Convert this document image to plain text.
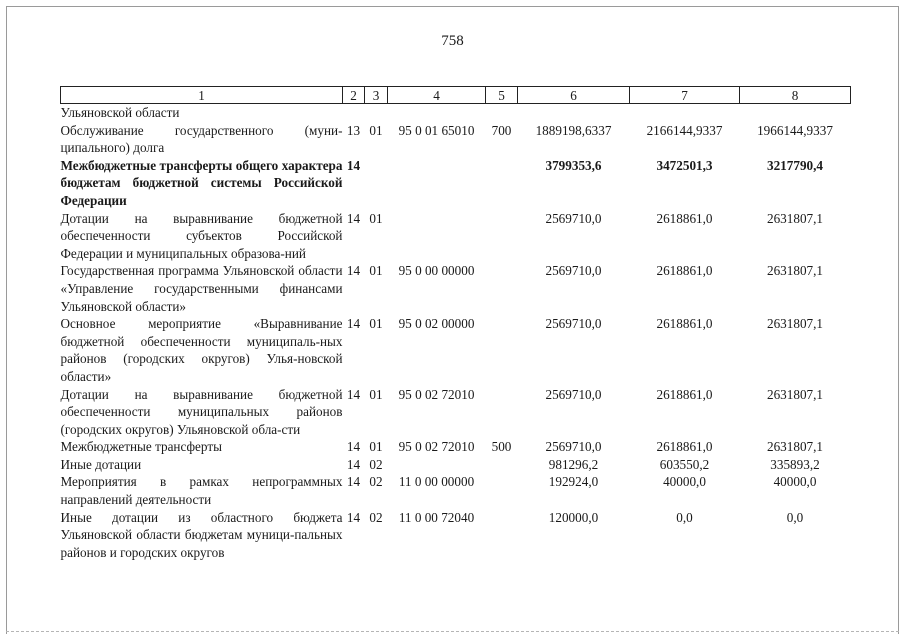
758
1	2	3	4	5	6	7	8
Ульяновской области							
Обслуживание государственного (муни-ципального) долга	13	01	95 0 01 65010	700	1889198,6337	2166144,9337	1966144,9337
Межбюджетные трансферты общего характера бюджетам бюджетной системы Российской Федерации	14				3799353,6	3472501,3	3217790,4
Дотации на выравнивание бюджетной обеспеченности субъектов Российской Федерации и муниципальных образова-ний	14	01			2569710,0	2618861,0	2631807,1
Государственная программа Ульяновской области «Управление государственными финансами Ульяновской области»	14	01	95 0 00 00000		2569710,0	2618861,0	2631807,1
Основное мероприятие «Выравнивание бюджетной обеспеченности муниципаль-ных районов (городских округов) Улья-новской области»	14	01	95 0 02 00000		2569710,0	2618861,0	2631807,1
Дотации на выравнивание бюджетной обеспеченности муниципальных районов (городских округов) Ульяновской обла-сти	14	01	95 0 02 72010		2569710,0	2618861,0	2631807,1
Межбюджетные трансферты	14	01	95 0 02 72010	500	2569710,0	2618861,0	2631807,1
Иные дотации	14	02			981296,2	603550,2	335893,2
Мероприятия в рамках непрограммных направлений деятельности	14	02	11 0 00 00000		192924,0	40000,0	40000,0
Иные дотации из областного бюджета Ульяновской области бюджетам муници-пальных районов и городских округов	14	02	11 0 00 72040		120000,0	0,0	0,0
